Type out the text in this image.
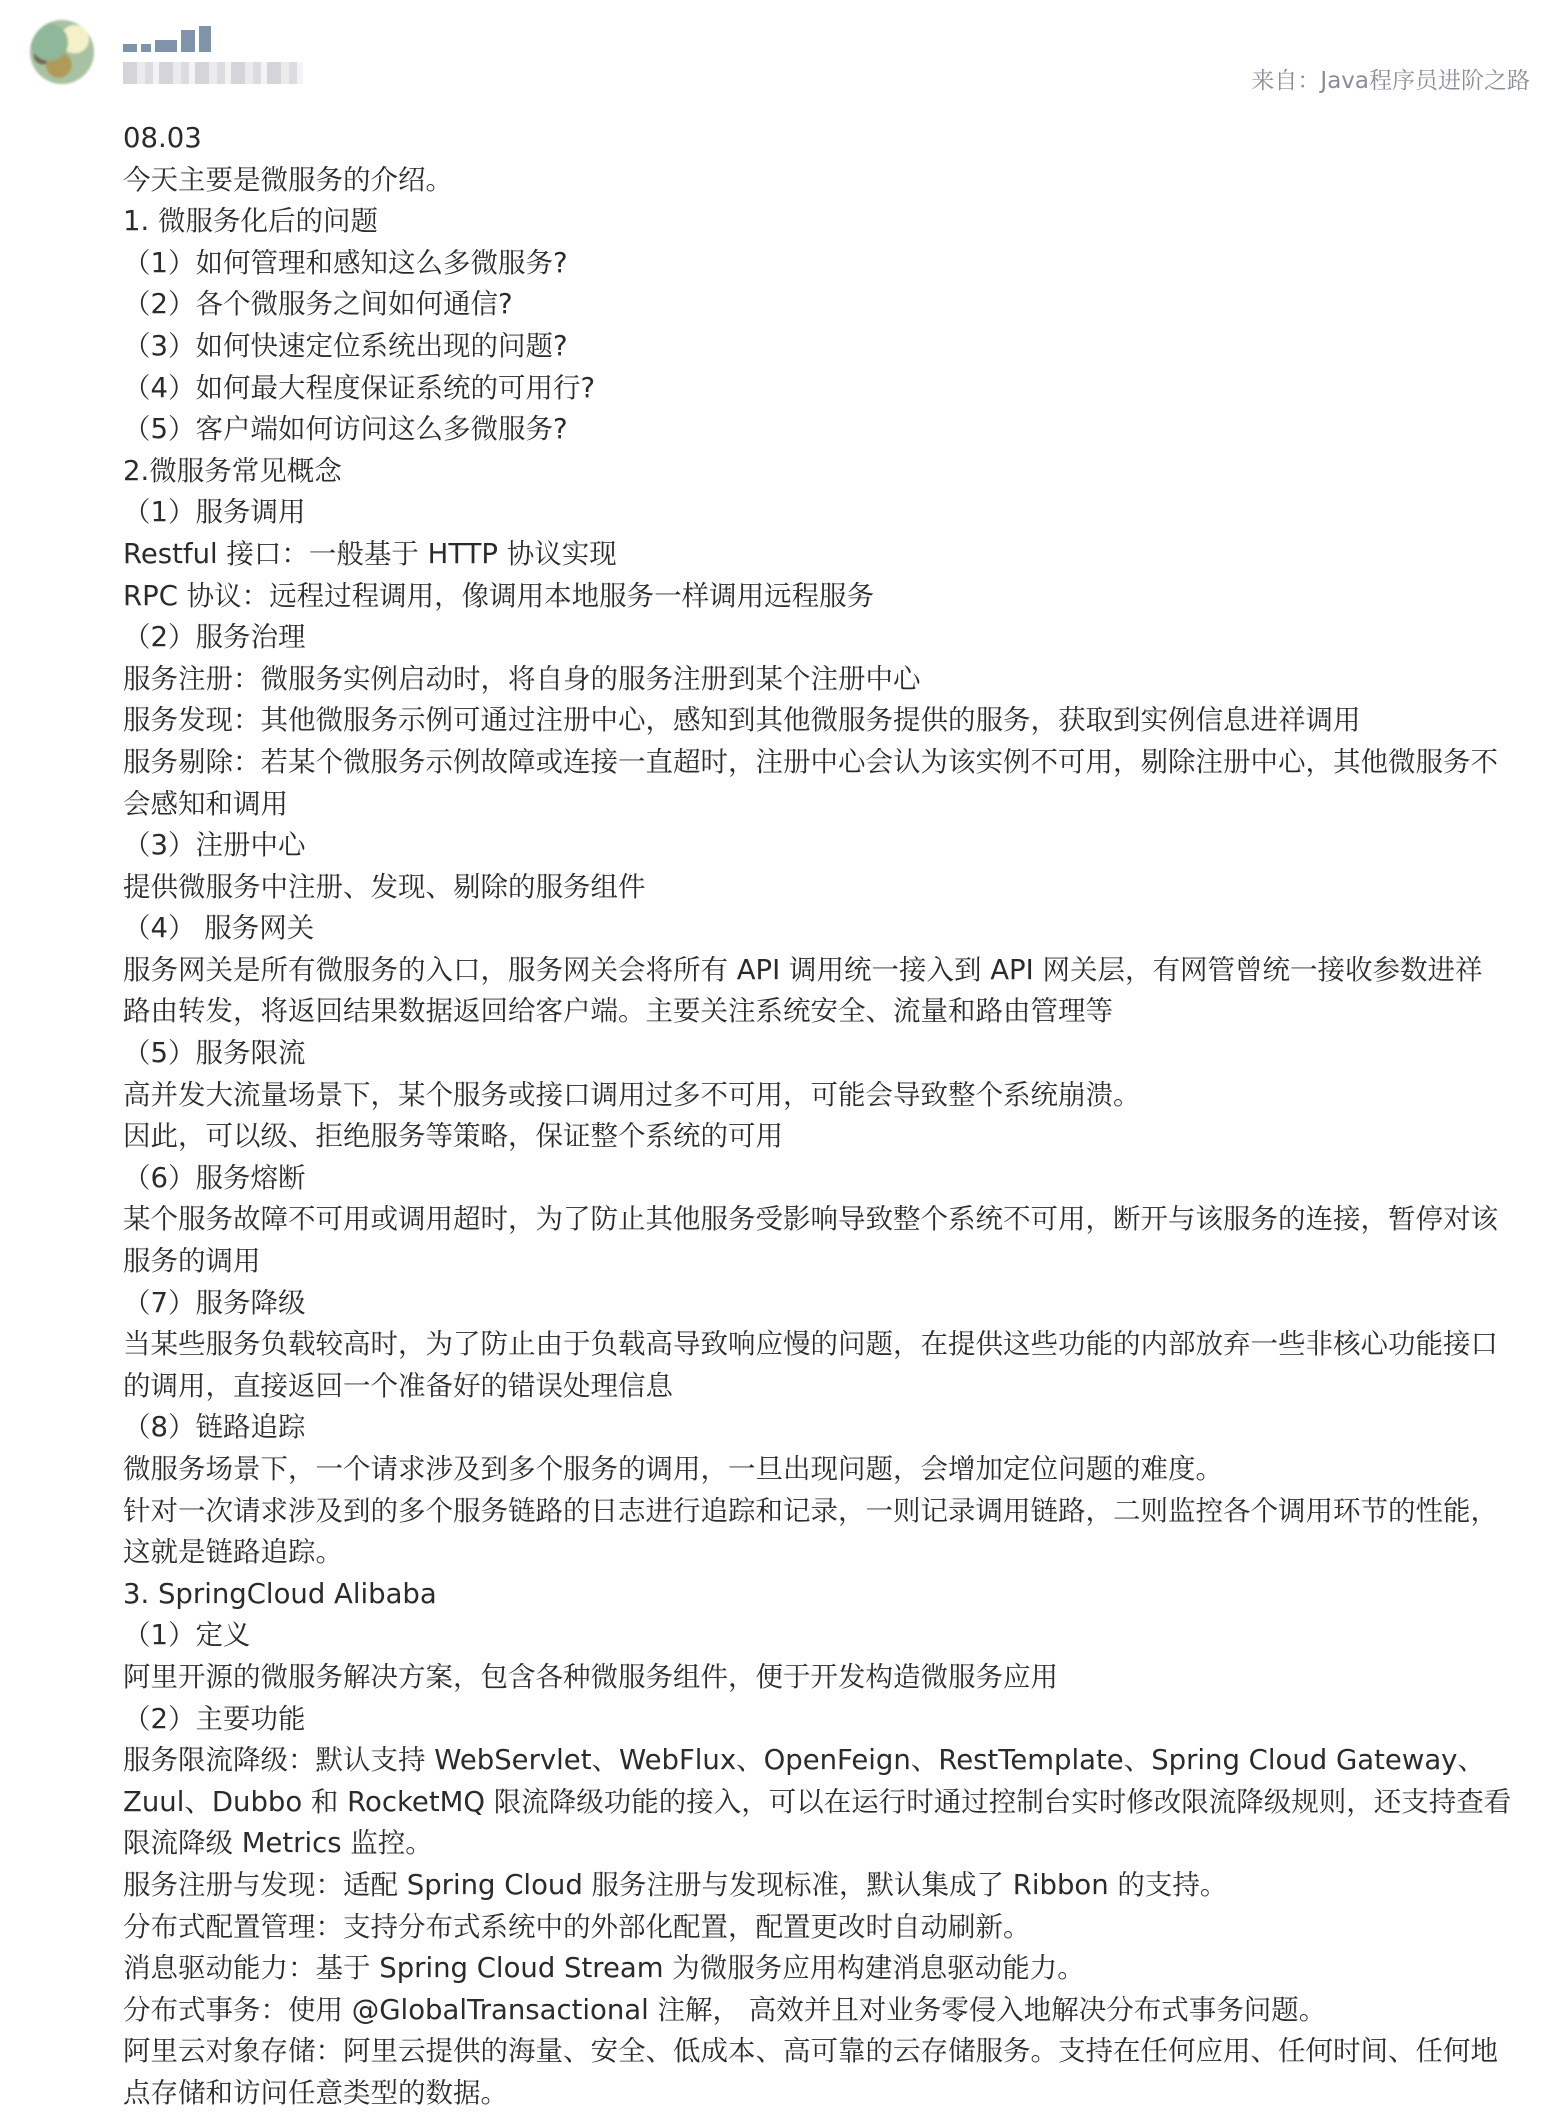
来自：Java程序员进阶之路
08.03
今天主要是微服务的介绍。
1. 微服务化后的问题
（1）如何管理和感知这么多微服务?
（2）各个微服务之间如何通信?
（3）如何快速定位系统出现的问题?
（4）如何最大程度保证系统的可用行?
（5）客户端如何访问这么多微服务?
2.微服务常见概念
（1）服务调用
Restful 接口：一般基于 HTTP 协议实现
RPC 协议：远程过程调用，像调用本地服务一样调用远程服务
（2）服务治理
服务注册：微服务实例启动时，将自身的服务注册到某个注册中心
服务发现：其他微服务示例可通过注册中心，感知到其他微服务提供的服务，获取到实例信息进祥调用
服务剔除：若某个微服务示例故障或连接一直超时，注册中心会认为该实例不可用，剔除注册中心，其他微服务不
会感知和调用
（3）注册中心
提供微服务中注册、发现、剔除的服务组件
（4） 服务网关
服务网关是所有微服务的入口，服务网关会将所有 API 调用统一接入到 API 网关层，有网管曾统一接收参数进祥
路由转发，将返回结果数据返回给客户端。主要关注系统安全、流量和路由管理等
（5）服务限流
高并发大流量场景下，某个服务或接口调用过多不可用，可能会导致整个系统崩溃。
因此，可以级、拒绝服务等策略，保证整个系统的可用
（6）服务熔断
某个服务故障不可用或调用超时，为了防止其他服务受影响导致整个系统不可用，断开与该服务的连接，暂停对该
服务的调用
（7）服务降级
当某些服务负载较高时，为了防止由于负载高导致响应慢的问题，在提供这些功能的内部放弃一些非核心功能接口
的调用，直接返回一个准备好的错误处理信息
（8）链路追踪
微服务场景下，一个请求涉及到多个服务的调用，一旦出现问题，会增加定位问题的难度。
针对一次请求涉及到的多个服务链路的日志进行追踪和记录，一则记录调用链路，二则监控各个调用环节的性能，
这就是链路追踪。
3. SpringCloud Alibaba
（1）定义
阿里开源的微服务解决方案，包含各种微服务组件，便于开发构造微服务应用
（2）主要功能
服务限流降级：默认支持 WebServlet、WebFlux、OpenFeign、RestTemplate、Spring Cloud Gateway、
Zuul、Dubbo 和 RocketMQ 限流降级功能的接入，可以在运行时通过控制台实时修改限流降级规则，还支持查看
限流降级 Metrics 监控。
服务注册与发现：适配 Spring Cloud 服务注册与发现标准，默认集成了 Ribbon 的支持。
分布式配置管理：支持分布式系统中的外部化配置，配置更改时自动刷新。
消息驱动能力：基于 Spring Cloud Stream 为微服务应用构建消息驱动能力。
分布式事务：使用 @GlobalTransactional 注解， 高效并且对业务零侵入地解决分布式事务问题。
阿里云对象存储：阿里云提供的海量、安全、低成本、高可靠的云存储服务。支持在任何应用、任何时间、任何地
点存储和访问任意类型的数据。
